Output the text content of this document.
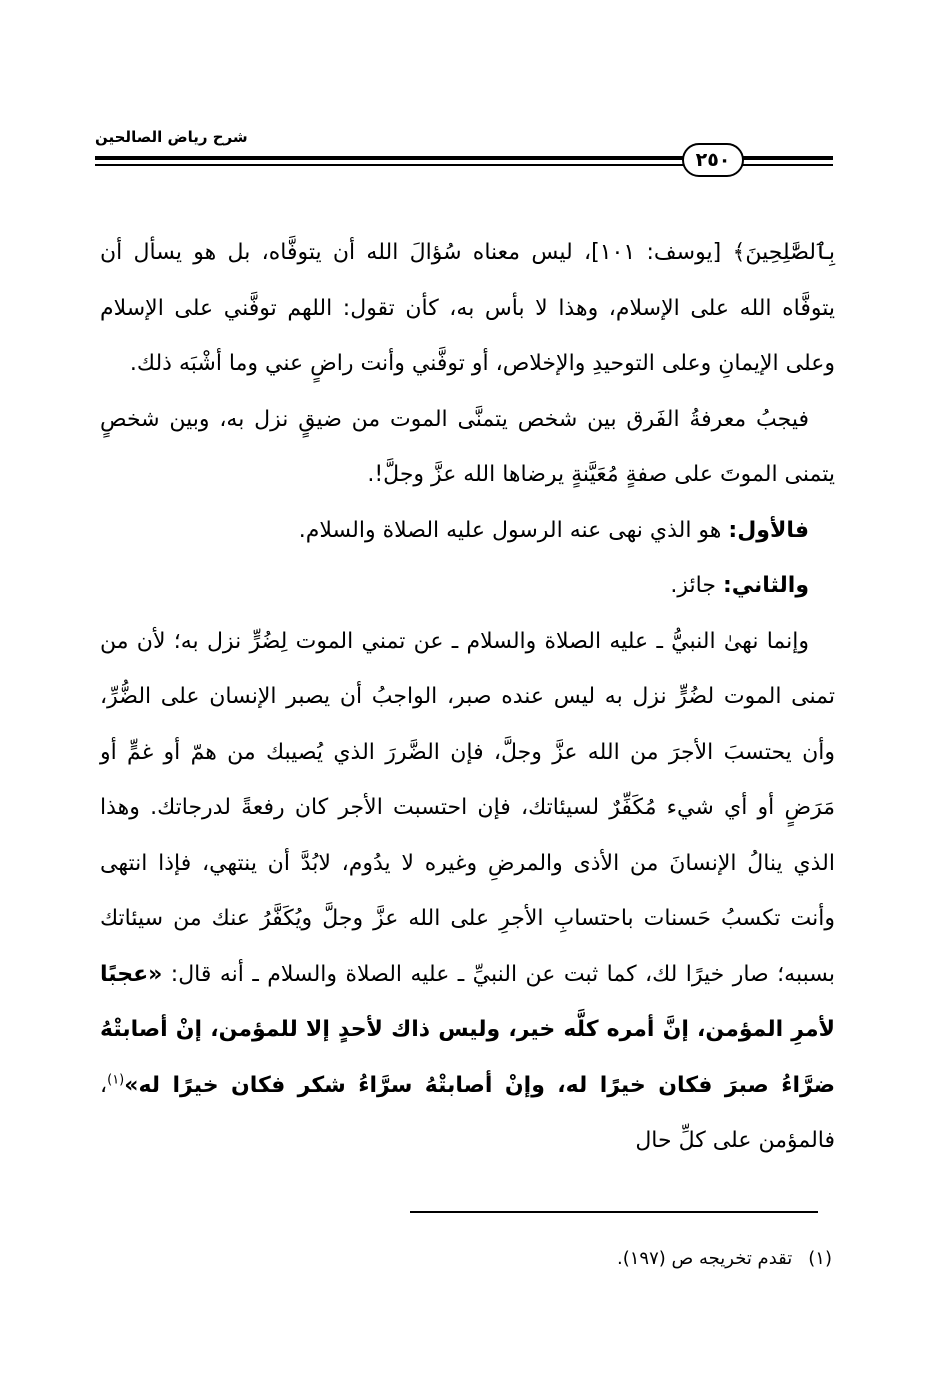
شرح رياض الصالحين
٢٥٠

بِٱلصَّٰلِحِينَ﴾ [يوسف: ١٠١]، ليس معناه سُؤالَ الله أن يتوفَّاه، بل هو يسأل أن يتوفَّاه الله على الإسلام، وهذا لا بأس به، كأن تقول: اللهم توفَّني على الإسلام وعلى الإيمانِ وعلى التوحيدِ والإخلاص، أو توفَّني وأنت راضٍ عني وما أشْبَه ذلك.

فيجبُ معرفةُ الفَرق بين شخص يتمنَّى الموت من ضيقٍ نزل به، وبين شخصٍ يتمنى الموتَ على صفةٍ مُعَيَّنةٍ يرضاها الله عزَّ وجلَّ!.

فالأول: هو الذي نهى عنه الرسول عليه الصلاة والسلام.

والثاني: جائز.

وإنما نهىٰ النبيُّ ـ عليه الصلاة والسلام ـ عن تمني الموت لِضُرٍّ نزل به؛ لأن من تمنى الموت لضُرٍّ نزل به ليس عنده صبر، الواجبُ أن يصبر الإنسان على الضُّرِّ، وأن يحتسبَ الأجرَ من الله عزَّ وجلَّ، فإن الضَّررَ الذي يُصيبك من همّ أو غمٍّ أو مَرَضٍ أو أي شيء مُكَفِّرٌ لسيئاتك، فإن احتسبت الأجر كان رفعةً لدرجاتك. وهذا الذي ينالُ الإنسانَ من الأذى والمرضِ وغيره لا يدُوم، لابُدَّ أن ينتهي، فإذا انتهى وأنت تكسبُ حَسنات باحتسابِ الأجرِ على الله عزَّ وجلَّ ويُكَفَّرُ عنك من سيئاتك بسببه؛ صار خيرًا لك، كما ثبت عن النبيِّ ـ عليه الصلاة والسلام ـ أنه قال: «عجبًا لأمرِ المؤمن، إنَّ أمره كلَّه خير، وليس ذاك لأحدٍ إلا للمؤمن، إنْ أصابتْهُ ضرَّاءُ صبرَ فكان خيرًا له، وإنْ أصابتْهُ سرَّاءُ شكر فكان خيرًا له»$^{(١)}$، فالمؤمن على كلِّ حال

(١)تقدم تخريجه ص (١٩٧).
